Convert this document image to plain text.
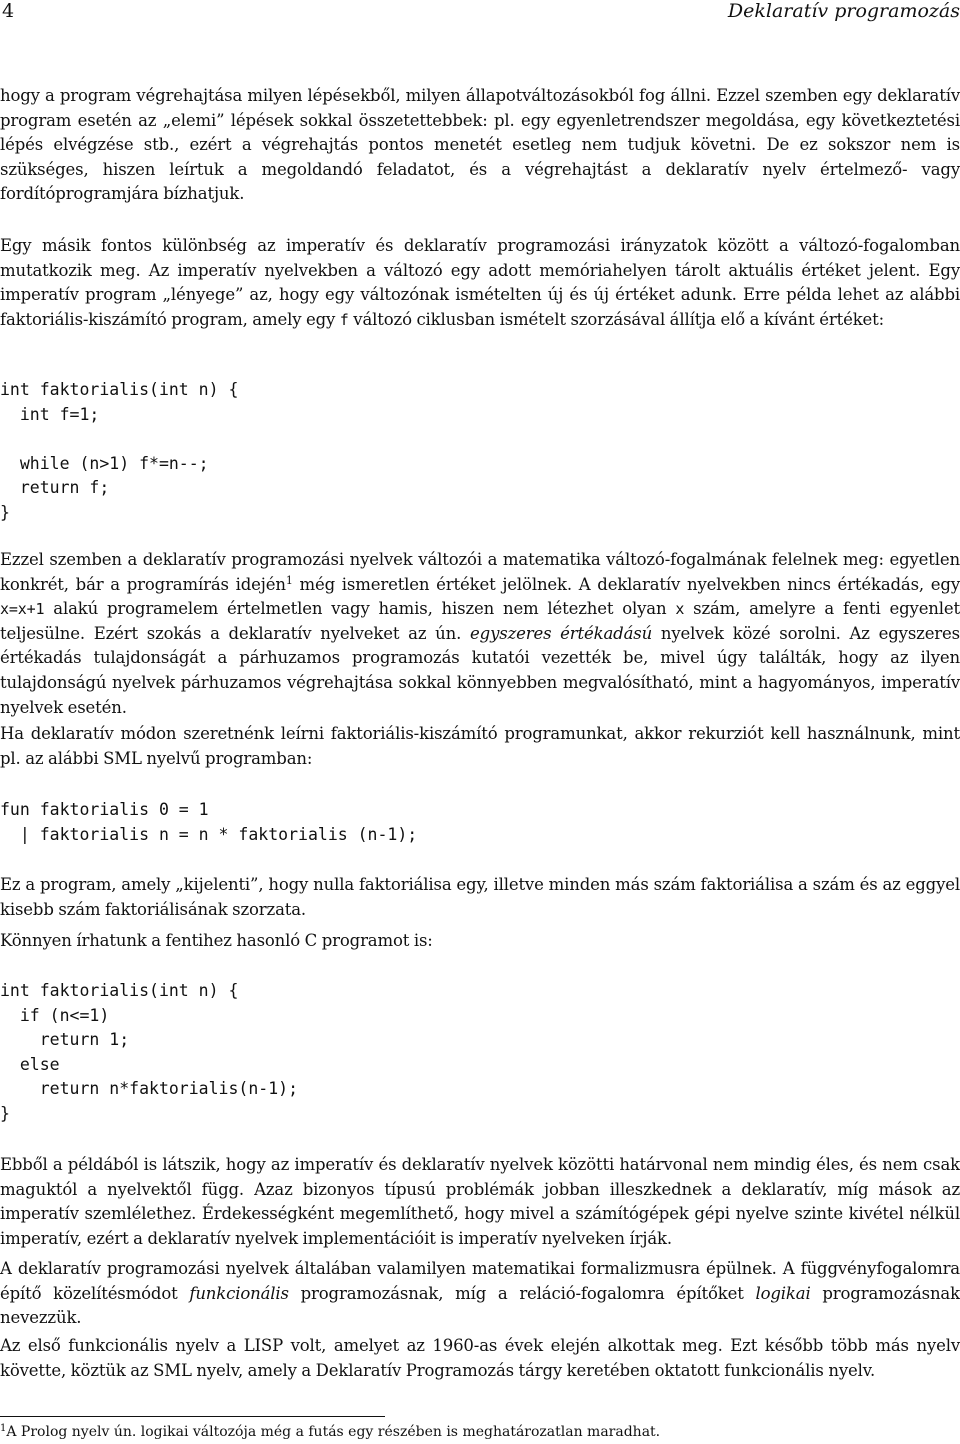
4	Deklaratív programozás

hogy a program végrehajtása milyen lépésekből, milyen állapotváltozásokból fog állni. Ezzel szemben egy deklaratív program esetén az „elemi” lépések sokkal összetettebbek: pl. egy egyenletrendszer megoldása, egy következtetési lépés elvégzése stb., ezért a végrehajtás pontos menetét esetleg nem tudjuk követni. De ez sokszor nem is szükséges, hiszen leírtuk a megoldandó feladatot, és a végrehajtást a deklaratív nyelv értelmező- vagy fordítóprogramjára bízhatjuk.

Egy másik fontos különbség az imperatív és deklaratív programozási irányzatok között a változó-fogalomban mutatkozik meg. Az imperatív nyelvekben a változó egy adott memóriahelyen tárolt aktuális értéket jelent. Egy imperatív program „lényege” az, hogy egy változónak ismételten új és új értéket adunk. Erre példa lehet az alábbi faktoriális-kiszámító program, amely egy f változó ciklusban ismételt szorzásával állítja elő a kívánt értéket:

int faktorialis(int n) {
int f=1;

while (n>1) f*=n--;
return f;
}

Ezzel szemben a deklaratív programozási nyelvek változói a matematika változó-fogalmának felelnek meg: egyetlen konkrét, bár a programírás idején$^1$ még ismeretlen értéket jelölnek. A deklaratív nyelvekben nincs értékadás, egy x=x+1 alakú programelem értelmetlen vagy hamis, hiszen nem létezhet olyan x szám, amelyre a fenti egyenlet teljesülne. Ezért szokás a deklaratív nyelveket az ún. egyszeres értékadású nyelvek közé sorolni. Az egyszeres értékadás tulajdonságát a párhuzamos programozás kutatói vezették be, mivel úgy találták, hogy az ilyen tulajdonságú nyelvek párhuzamos végrehajtása sokkal könnyebben megvalósítható, mint a hagyományos, imperatív nyelvek esetén.

Ha deklaratív módon szeretnénk leírni faktoriális-kiszámító programunkat, akkor rekurziót kell használnunk, mint pl. az alábbi SML nyelvű programban:

fun faktorialis 0 = 1
| faktorialis n = n * faktorialis (n-1);

Ez a program, amely „kijelenti”, hogy nulla faktoriálisa egy, illetve minden más szám faktoriálisa a szám és az eggyel kisebb szám faktoriálisának szorzata.

Könnyen írhatunk a fentihez hasonló C programot is:

int faktorialis(int n) {
if (n<=1)
return 1;
else
return n*faktorialis(n-1);
}

Ebből a példából is látszik, hogy az imperatív és deklaratív nyelvek közötti határvonal nem mindig éles, és nem csak maguktól a nyelvektől függ. Azaz bizonyos típusú problémák jobban illeszkednek a deklaratív, míg mások az imperatív szemlélethez. Érdekességként megemlíthető, hogy mivel a számítógépek gépi nyelve szinte kivétel nélkül imperatív, ezért a deklaratív nyelvek implementációit is imperatív nyelveken írják.

A deklaratív programozási nyelvek általában valamilyen matematikai formalizmusra épülnek. A függvényfogalomra építő közelítésmódot funkcionális programozásnak, míg a reláció-fogalomra építőket logikai programozásnak nevezzük.

Az első funkcionális nyelv a LISP volt, amelyet az 1960-as évek elején alkottak meg. Ezt később több más nyelv követte, köztük az SML nyelv, amely a Deklaratív Programozás tárgy keretében oktatott funkcionális nyelv.

$^1$A Prolog nyelv ún. logikai változója még a futás egy részében is meghatározatlan maradhat.
